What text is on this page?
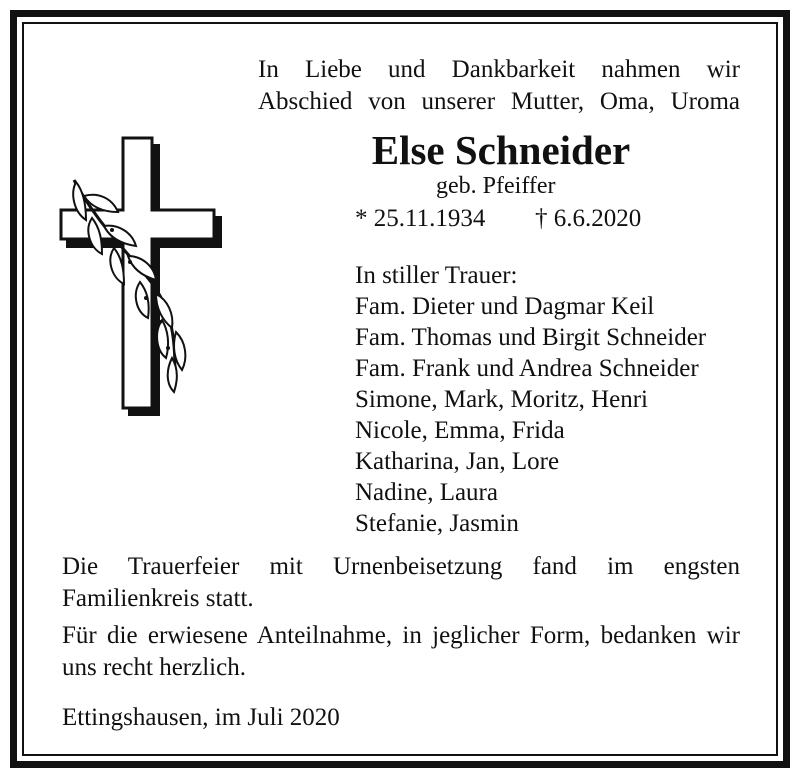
In Liebe und Dankbarkeit nahmen wir
Abschied von unserer Mutter, Oma, Uroma
Else Schneider
geb. Pfeiffer
* 25.11.1934 † 6.6.2020
In stiller Trauer:
Fam. Dieter und Dagmar Keil
Fam. Thomas und Birgit Schneider
Fam. Frank und Andrea Schneider
Simone, Mark, Moritz, Henri
Nicole, Emma, Frida
Katharina, Jan, Lore
Nadine, Laura
Stefanie, Jasmin
Die Trauerfeier mit Urnenbeisetzung fand im engsten Familienkreis statt.
Für die erwiesene Anteilnahme, in jeglicher Form, bedanken wir uns recht herzlich.
Ettingshausen, im Juli 2020
